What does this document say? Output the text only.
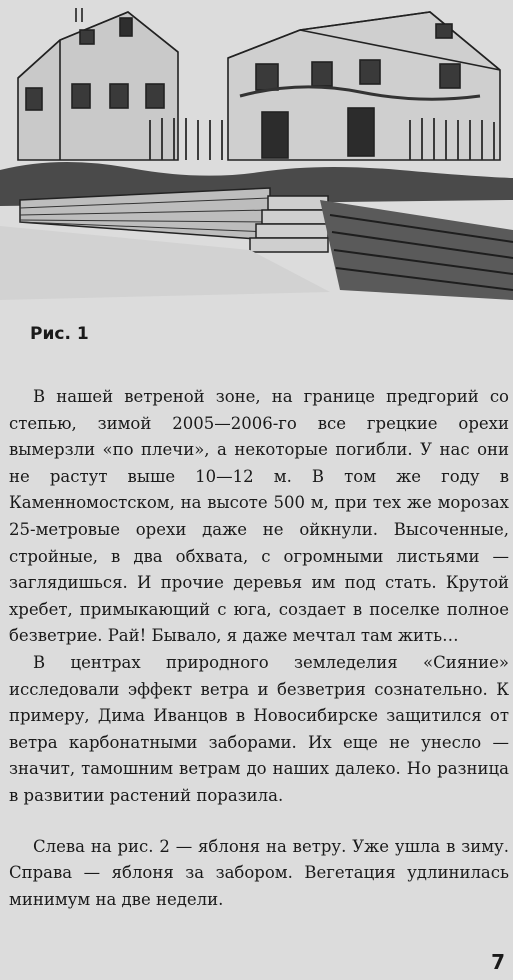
Рис. 1

В нашей ветреной зоне, на границе предгорий со степью, зимой 2005—2006-го все грецкие орехи вымерзли «по плечи», а некоторые погибли. У нас они не растут выше 10—12 м. В том же году в Каменномостском, на высоте 500 м, при тех же морозах 25-метровые орехи даже не ойкнули. Высоченные, стройные, в два обхвата, с огромными листьями — заглядишься. И прочие деревья им под стать. Крутой хребет, примыкающий с юга, создает в поселке полное безветрие. Рай! Бывало, я даже мечтал там жить…

В центрах природного земледелия «Сияние» исследовали эффект ветра и безветрия сознательно. К примеру, Дима Иванцов в Новосибирске защитился от ветра карбонатными заборами. Их еще не унесло — значит, тамошним ветрам до наших далеко. Но разница в развитии растений поразила.

Слева на рис. 2 — яблоня на ветру. Уже ушла в зиму. Справа — яблоня за забором. Вегетация удлинилась минимум на две недели.

7
